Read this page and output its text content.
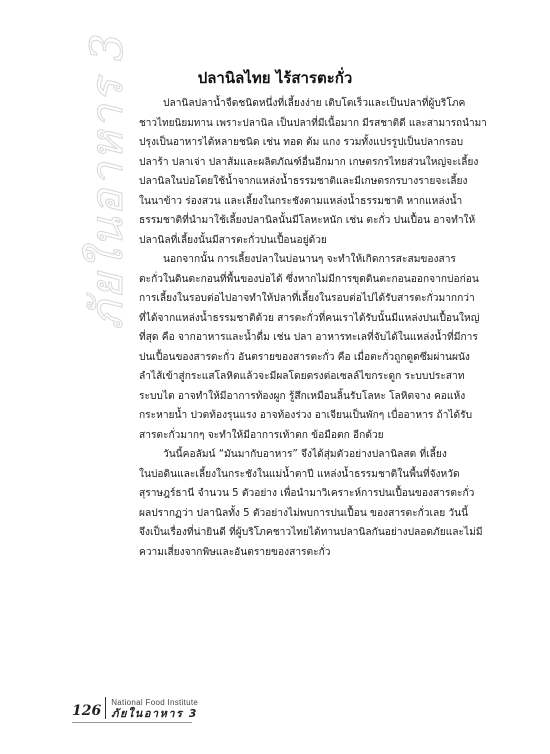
ภัยในอาหาร 3	ปลานิลไทย ไร้สารตะกั่ว
ปลานิลปลาน้ำจืดชนิดหนึ่งที่เลี้ยงง่าย เติบโตเร็วและเป็นปลาที่ผู้บริโภค
ชาวไทยนิยมทาน เพราะปลานิล เป็นปลาที่มีเนื้อมาก มีรสชาติดี และสามารถนำมา
ปรุงเป็นอาหารได้หลายชนิด เช่น ทอด ต้ม แกง รวมทั้งแปรรูปเป็นปลากรอบ
ปลาร้า ปลาเจ่า ปลาส้มและผลิตภัณฑ์อื่นอีกมาก เกษตรกรไทยส่วนใหญ่จะเลี้ยง
ปลานิลในบ่อโดยใช้น้ำจากแหล่งน้ำธรรมชาติและมีเกษตรกรบางรายจะเลี้ยง
ในนาข้าว ร่องสวน และเลี้ยงในกระชังตามแหล่งน้ำธรรมชาติ หากแหล่งน้ำ
ธรรมชาติที่นำมาใช้เลี้ยงปลานิลนั้นมีโลหะหนัก เช่น ตะกั่ว ปนเปื้อน อาจทำให้
ปลานิลที่เลี้ยงนั้นมีสารตะกั่วปนเปื้อนอยู่ด้วย
นอกจากนั้น การเลี้ยงปลาในบ่อนานๆ จะทำให้เกิดการสะสมของสาร
ตะกั่วในดินตะกอนที่พื้นของบ่อได้ ซึ่งหากไม่มีการขุดดินตะกอนออกจากบ่อก่อน
การเลี้ยงในรอบต่อไปอาจทำให้ปลาที่เลี้ยงในรอบต่อไปได้รับสารตะกั่วมากกว่า
ที่ได้จากแหล่งน้ำธรรมชาติด้วย สารตะกั่วที่คนเราได้รับนั้นมีแหล่งปนเปื้อนใหญ่
ที่สุด คือ จากอาหารและน้ำดื่ม เช่น ปลา อาหารทะเลที่จับได้ในแหล่งน้ำที่มีการ
ปนเปื้อนของสารตะกั่ว อันตรายของสารตะกั่ว คือ เมื่อตะกั่วถูกดูดซึมผ่านผนัง
ลำไส้เข้าสู่กระแสโลหิตแล้วจะมีผลโดยตรงต่อเซลล์ไขกระดูก ระบบประสาท
ระบบไต อาจทำให้มีอาการท้องผูก รู้สึกเหมือนลิ้นรับโลหะ โลหิตจาง คอแห้ง
กระหายน้ำ ปวดท้องรุนแรง อาจท้องร่วง อาเจียนเป็นพักๆ เบื่ออาหาร ถ้าได้รับ
สารตะกั่วมากๆ จะทำให้มีอาการเท้าตก ข้อมือตก อีกด้วย
วันนี้คอลัมน์ “มันมากับอาหาร” จึงได้สุ่มตัวอย่างปลานิลสด ที่เลี้ยง
ในบ่อดินและเลี้ยงในกระชังในแม่น้ำตาปี แหล่งน้ำธรรมชาติในพื้นที่จังหวัด
สุราษฎร์ธานี จำนวน 5 ตัวอย่าง เพื่อนำมาวิเคราะห์การปนเปื้อนของสารตะกั่ว
ผลปรากฏว่า ปลานิลทั้ง 5 ตัวอย่างไม่พบการปนเปื้อน ของสารตะกั่วเลย วันนี้
จึงเป็นเรื่องที่น่ายินดี ที่ผู้บริโภคชาวไทยได้ทานปลานิลกันอย่างปลอดภัยและไม่มี
ความเสี่ยงจากพิษและอันตรายของสารตะกั่ว
126
National Food Institute
ภัยในอาหาร 3
